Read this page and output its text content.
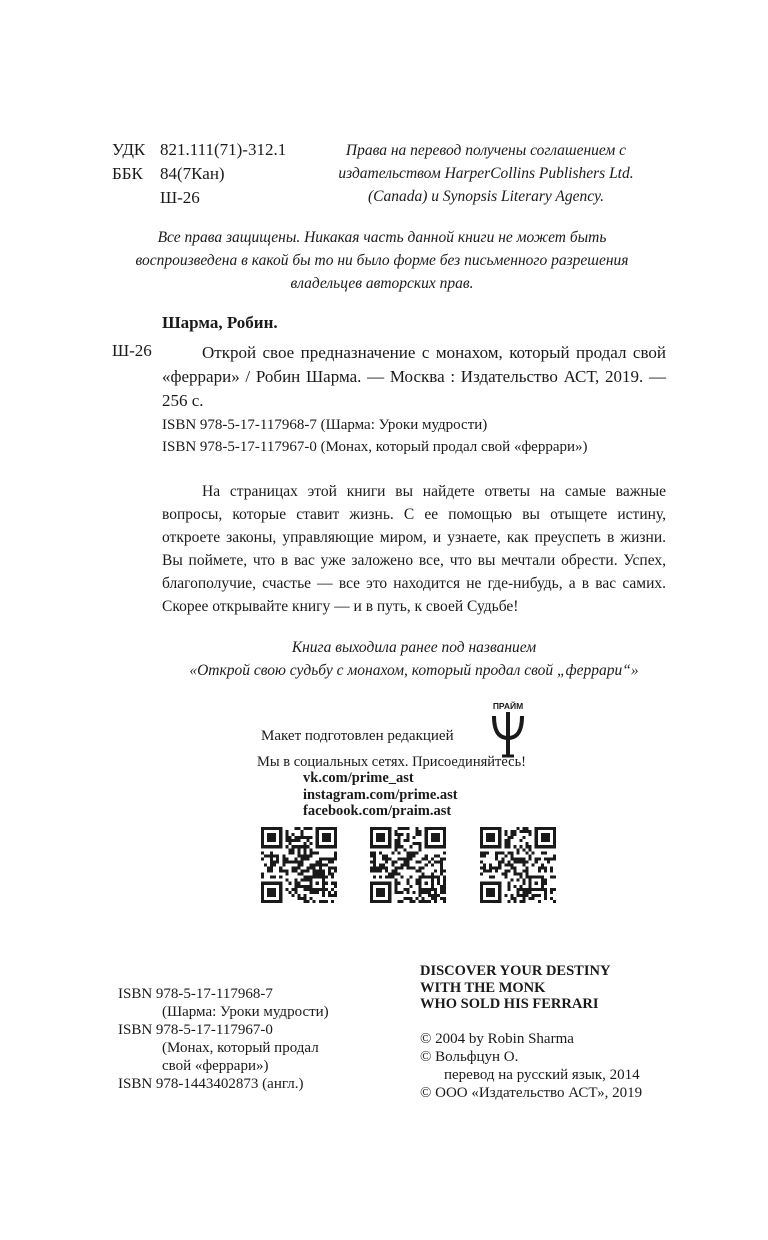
УДК 821.111(71)-312.1
ББК	84(7Кан)
Ш-26
Права на перевод получены соглашением с издательством HarperCollins Publishers Ltd. (Canada) и Synopsis Literary Agency.
Все права защищены. Никакая часть данной книги не может быть воспроизведена в какой бы то ни было форме без письменного разрешения владельцев авторских прав.
Шарма, Робин.
Ш-26	Открой свое предназначение с монахом, который продал свой «феррари» / Робин Шарма. — Москва : Издательство АСТ, 2019. — 256 с.
ISBN 978-5-17-117968-7 (Шарма: Уроки мудрости)
ISBN 978-5-17-117967-0 (Монах, который продал свой «феррари»)
На страницах этой книги вы найдете ответы на самые важные вопросы, которые ставит жизнь. С ее помощью вы отыщете истину, откроете законы, управляющие миром, и узнаете, как преуспеть в жизни. Вы поймете, что в вас уже заложено все, что вы мечтали обрести. Успех, благополучие, счастье — все это находится не где-нибудь, а в вас самих. Скорее открывайте книгу — и в путь, к своей Судьбе!
Книга выходила ранее под названием
«Открой свою судьбу с монахом, который продал свой „феррари“»
Макет подготовлен редакцией
ПРАЙМ
Мы в социальных сетях. Присоединяйтесь!
vk.com/prime_ast
instagram.com/prime.ast
facebook.com/praim.ast
ISBN 978-5-17-117968-7
(Шарма: Уроки мудрости)
ISBN 978-5-17-117967-0
(Монах, который продал
свой «феррари»)
ISBN 978-1443402873 (англ.)
DISCOVER YOUR DESTINY
WITH THE MONK
WHO SOLD HIS FERRARI
© 2004 by Robin Sharma
© Вольфцун О.
перевод на русский язык, 2014
© ООО «Издательство АСТ», 2019
